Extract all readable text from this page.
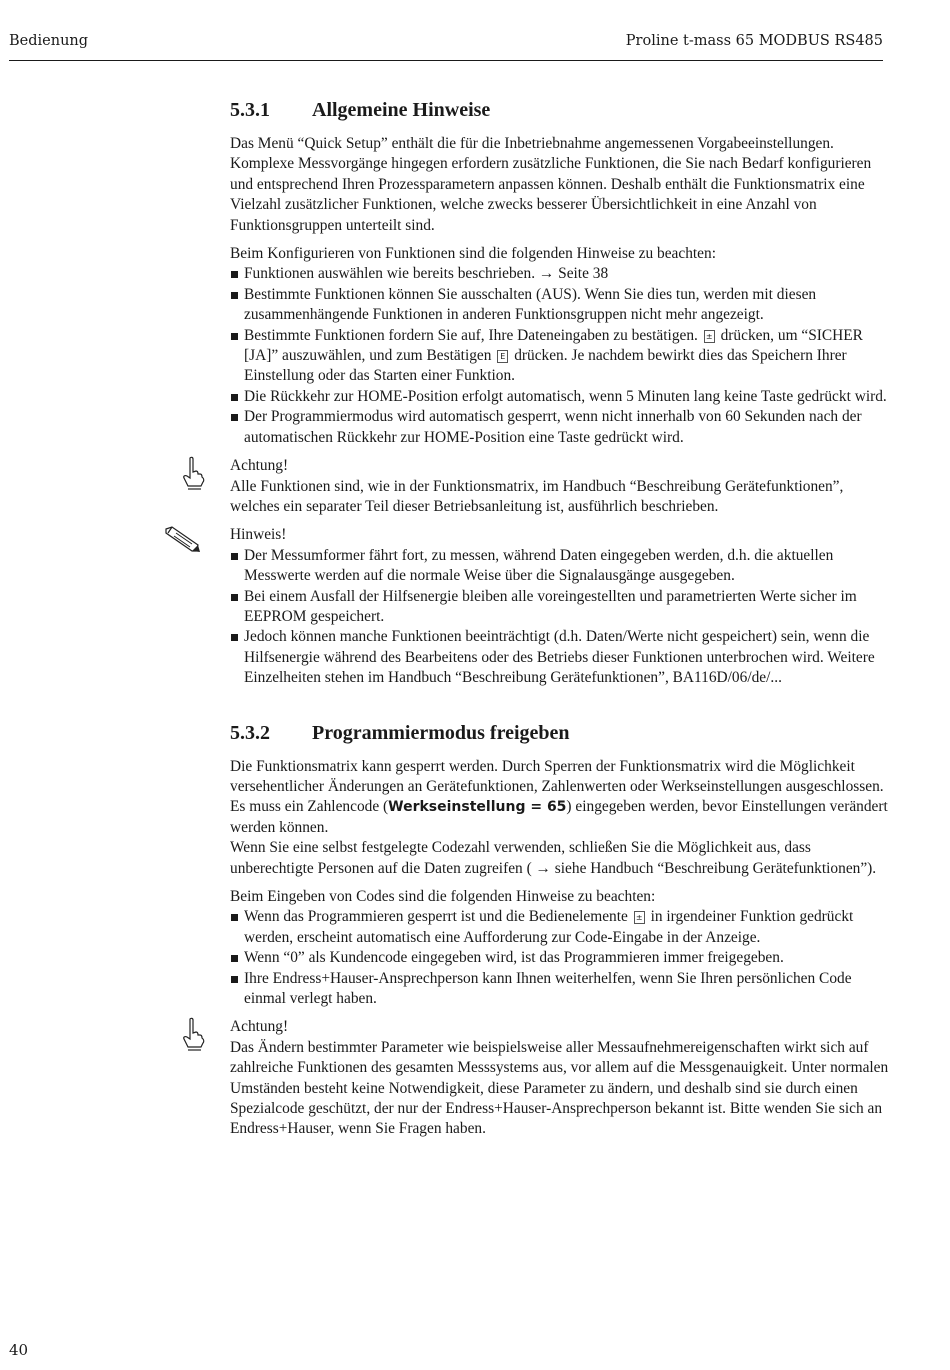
Bedienung	Proline t-mass 65 MODBUS RS485
5.3.1 Allgemeine Hinweise

Das Menü “Quick Setup” enthält die für die Inbetriebnahme angemessenen Vorgabeeinstellungen. Komplexe Messvorgänge hingegen erfordern zusätzliche Funktionen, die Sie nach Bedarf konfigurieren und entsprechend Ihren Prozessparametern anpassen können. Deshalb enthält die Funktionsmatrix eine Vielzahl zusätzlicher Funktionen, welche zwecks besserer Übersichtlichkeit in eine Anzahl von Funktionsgruppen unterteilt sind.

Beim Konfigurieren von Funktionen sind die folgenden Hinweise zu beachten:

Funktionen auswählen wie bereits beschrieben. → Seite 38
Bestimmte Funktionen können Sie ausschalten (AUS). Wenn Sie dies tun, werden mit diesen zusammenhängende Funktionen in anderen Funktionsgruppen nicht mehr angezeigt.
Bestimmte Funktionen fordern Sie auf, Ihre Dateneingaben zu bestätigen. ± drücken, um “SICHER [JA]” auszuwählen, und zum Bestätigen E drücken. Je nachdem bewirkt dies das Speichern Ihrer Einstellung oder das Starten einer Funktion.
Die Rückkehr zur HOME-Position erfolgt automatisch, wenn 5 Minuten lang keine Taste gedrückt wird.
Der Programmiermodus wird automatisch gesperrt, wenn nicht innerhalb von 60 Sekunden nach der automatischen Rückkehr zur HOME-Position eine Taste gedrückt wird.

Achtung!

Alle Funktionen sind, wie in der Funktionsmatrix, im Handbuch “Beschreibung Gerätefunktionen”, welches ein separater Teil dieser Betriebsanleitung ist, ausführlich beschrieben.

Hinweis!

Der Messumformer fährt fort, zu messen, während Daten eingegeben werden, d.h. die aktuellen Messwerte werden auf die normale Weise über die Signalausgänge ausgegeben.
Bei einem Ausfall der Hilfsenergie bleiben alle voreingestellten und parametrierten Werte sicher im EEPROM gespeichert.
Jedoch können manche Funktionen beeinträchtigt (d.h. Daten/Werte nicht gespeichert) sein, wenn die Hilfsenergie während des Bearbeitens oder des Betriebs dieser Funktionen unterbrochen wird. Weitere Einzelheiten stehen im Handbuch “Beschreibung Gerätefunktionen”, BA116D/06/de/...
5.3.2 Programmiermodus freigeben

Die Funktionsmatrix kann gesperrt werden. Durch Sperren der Funktionsmatrix wird die Möglichkeit versehentlicher Änderungen an Gerätefunktionen, Zahlenwerten oder Werkseinstellungen ausgeschlossen. Es muss ein Zahlencode (Werkseinstellung = 65) eingegeben werden, bevor Einstellungen verändert werden können.

Wenn Sie eine selbst festgelegte Codezahl verwenden, schließen Sie die Möglichkeit aus, dass unberechtigte Personen auf die Daten zugreifen ( → siehe Handbuch “Beschreibung Gerätefunktionen”).

Beim Eingeben von Codes sind die folgenden Hinweise zu beachten:

Wenn das Programmieren gesperrt ist und die Bedienelemente ± in irgendeiner Funktion gedrückt werden, erscheint automatisch eine Aufforderung zur Code-Eingabe in der Anzeige.
Wenn “0” als Kundencode eingegeben wird, ist das Programmieren immer freigegeben.
Ihre Endress+Hauser-Ansprechperson kann Ihnen weiterhelfen, wenn Sie Ihren persönlichen Code einmal verlegt haben.

Achtung!

Das Ändern bestimmter Parameter wie beispielsweise aller Messaufnehmereigenschaften wirkt sich auf zahlreiche Funktionen des gesamten Messsystems aus, vor allem auf die Messgenauigkeit. Unter normalen Umständen besteht keine Notwendigkeit, diese Parameter zu ändern, und deshalb sind sie durch einen Spezialcode geschützt, der nur der Endress+Hauser-Ansprechperson bekannt ist. Bitte wenden Sie sich an Endress+Hauser, wenn Sie Fragen haben.

40
